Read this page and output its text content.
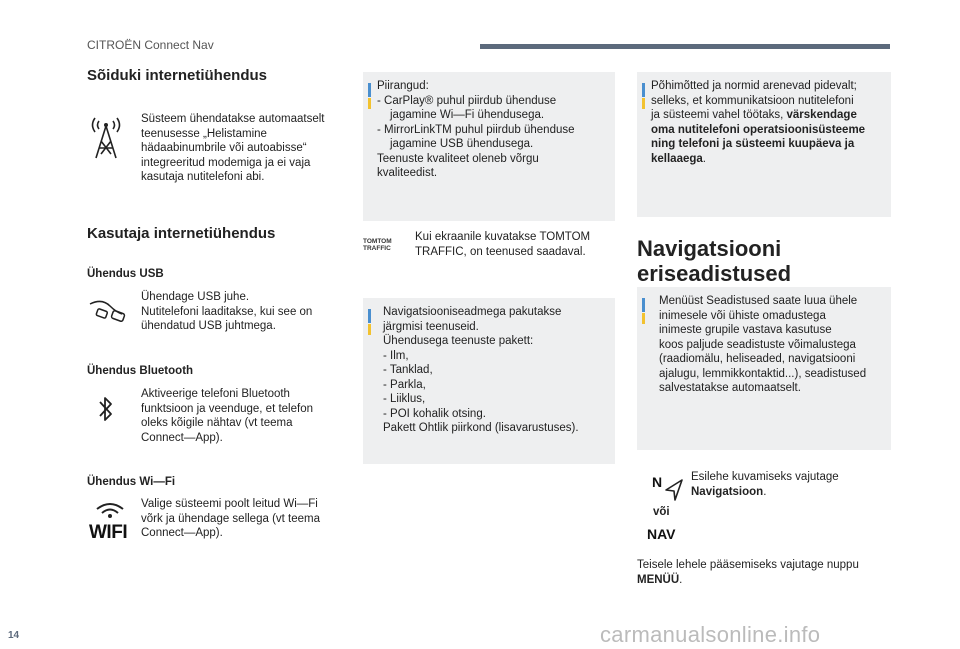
CITROËN Connect Nav
14	carmanualsonline.info
Sõiduki internetiühendus
Süsteem ühendatakse automaatselt
teenusesse „Helistamine
hädaabinumbrile või autoabisse“
integreeritud modemiga ja ei vaja
kasutaja nutitelefoni abi.
Kasutaja internetiühendus
Ühendus USB
Ühendage USB juhe.
Nutitelefoni laaditakse, kui see on
ühendatud USB juhtmega.
Ühendus Bluetooth
Aktiveerige telefoni Bluetooth
funktsioon ja veenduge, et telefon
oleks kõigile nähtav (vt teema
Connect—App).
Ühendus Wi—Fi
WIFI
Valige süsteemi poolt leitud Wi—Fi
võrk ja ühendage sellega (vt teema
Connect—App).
Piirangud:
- CarPlay® puhul piirdub ühenduse
jagamine Wi—Fi ühendusega.
- MirrorLinkTM puhul piirdub ühenduse
jagamine USB ühendusega.
Teenuste kvaliteet oleneb võrgu
kvaliteedist.
TOMTOM TRAFFIC
Kui ekraanile kuvatakse TOMTOM
TRAFFIC, on teenused saadaval.
Navigatsiooniseadmega pakutakse
järgmisi teenuseid.
Ühendusega teenuste pakett:
- Ilm,
- Tanklad,
- Parkla,
- Liiklus,
- POI kohalik otsing.
Pakett Ohtlik piirkond (lisavarustuses).
Põhimõtted ja normid arenevad pidevalt;
selleks, et kommunikatsioon nutitelefoni
ja süsteemi vahel töötaks, värskendage
oma nutitelefoni operatsioonisüsteeme
ning telefoni ja süsteemi kuupäeva ja
kellaaega.
Navigatsiooni
eriseadistused
Menüüst Seadistused saate luua ühele
inimesele või ühiste omadustega
inimeste grupile vastava kasutuse
koos paljude seadistuste võimalustega
(raadiomälu, heliseaded, navigatsiooni
ajalugu, lemmikkontaktid...), seadistused
salvestatakse automaatselt.
N
või
NAV
Esilehe kuvamiseks vajutage
Navigatsioon.
Teisele lehele pääsemiseks vajutage nuppu
MENÜÜ.
